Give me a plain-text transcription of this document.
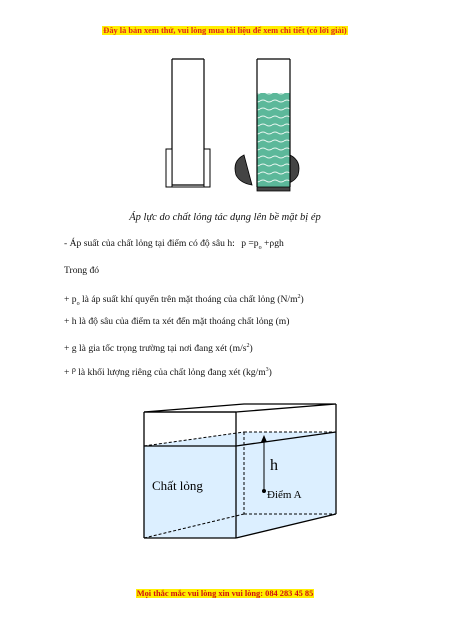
Đây là bản xem thử, vui lòng mua tài liệu để xem chi tiết (có lời giải)
Áp lực do chất lỏng tác dụng lên bề mặt bị ép
- Áp suất của chất lỏng tại điểm có độ sâu h: $p =p_o +\rho gh$
Trong đó
+ $p_o$ là áp suất khí quyển trên mặt thoáng của chất lỏng $(N/m^2)$
+ h là độ sâu của điểm ta xét đến mặt thoáng chất lỏng (m)
+ g là gia tốc trọng trường tại nơi đang xét $(m/s^2)$
+ $^\rho$ là khối lượng riêng của chất lỏng đang xét $(kg/m^3)$
h
Điểm A
Chất lỏng
Mọi thắc mắc vui lòng xin vui lòng: 084 283 45 85
